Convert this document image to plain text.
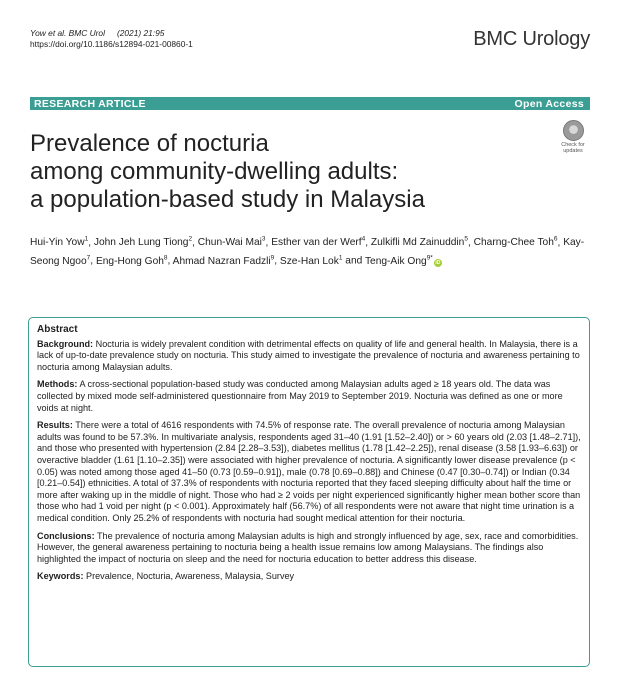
Yow et al. BMC Urol (2021) 21:95
https://doi.org/10.1186/s12894-021-00860-1	BMC Urology
RESEARCH ARTICLE	Open Access
Prevalence of nocturia
among community-dwelling adults:
a population-based study in Malaysia
Check for
updates
Hui-Yin Yow$^1$, John Jeh Lung Tiong$^2$, Chun-Wai Mai$^3$, Esther van der Werf$^4$, Zulkifli Md Zainuddin$^5$, Charng-Chee Toh$^6$, Kay-Seong Ngoo$^7$, Eng-Hong Goh$^8$, Ahmad Nazran Fadzli$^9$, Sze-Han Lok$^1$ and Teng-Aik Ong$^{9*}$iD
Abstract

Background: Nocturia is widely prevalent condition with detrimental effects on quality of life and general health. In Malaysia, there is a lack of up-to-date prevalence study on nocturia. This study aimed to investigate the prevalence of nocturia and awareness pertaining to nocturia among Malaysian adults.

Methods: A cross-sectional population-based study was conducted among Malaysian adults aged ≥ 18 years old. The data was collected by mixed mode self-administered questionnaire from May 2019 to September 2019. Nocturia was defined as one or more voids at night.

Results: There were a total of 4616 respondents with 74.5% of response rate. The overall prevalence of nocturia among Malaysian adults was found to be 57.3%. In multivariate analysis, respondents aged 31–40 (1.91 [1.52–2.40]) or > 60 years old (2.03 [1.48–2.71]), and those who presented with hypertension (2.84 [2.28–3.53]), diabetes mellitus (1.78 [1.42–2.25]), renal disease (3.58 [1.93–6.63]) or overactive bladder (1.61 [1.10–2.35]) were associated with higher prevalence of nocturia. A significantly lower disease prevalence (p < 0.05) was noted among those aged 41–50 (0.73 [0.59–0.91]), male (0.78 [0.69–0.88]) and Chinese (0.47 [0.30–0.74]) or Indian (0.34 [0.21–0.54]) ethnicities. A total of 37.3% of respondents with nocturia reported that they faced sleeping difficulty about half the time or more after waking up in the middle of night. Those who had ≥ 2 voids per night experienced significantly higher mean bother score than those who had 1 void per night (p < 0.001). Approximately half (56.7%) of all respondents were not aware that night time urination is a medical condition. Only 25.2% of respondents with nocturia had sought medical attention for their nocturia.

Conclusions: The prevalence of nocturia among Malaysian adults is high and strongly influenced by age, sex, race and comorbidities. However, the general awareness pertaining to nocturia being a health issue remains low among Malaysians. The findings also highlighted the impact of nocturia on sleep and the need for nocturia education to better address this disease.

Keywords: Prevalence, Nocturia, Awareness, Malaysia, Survey
